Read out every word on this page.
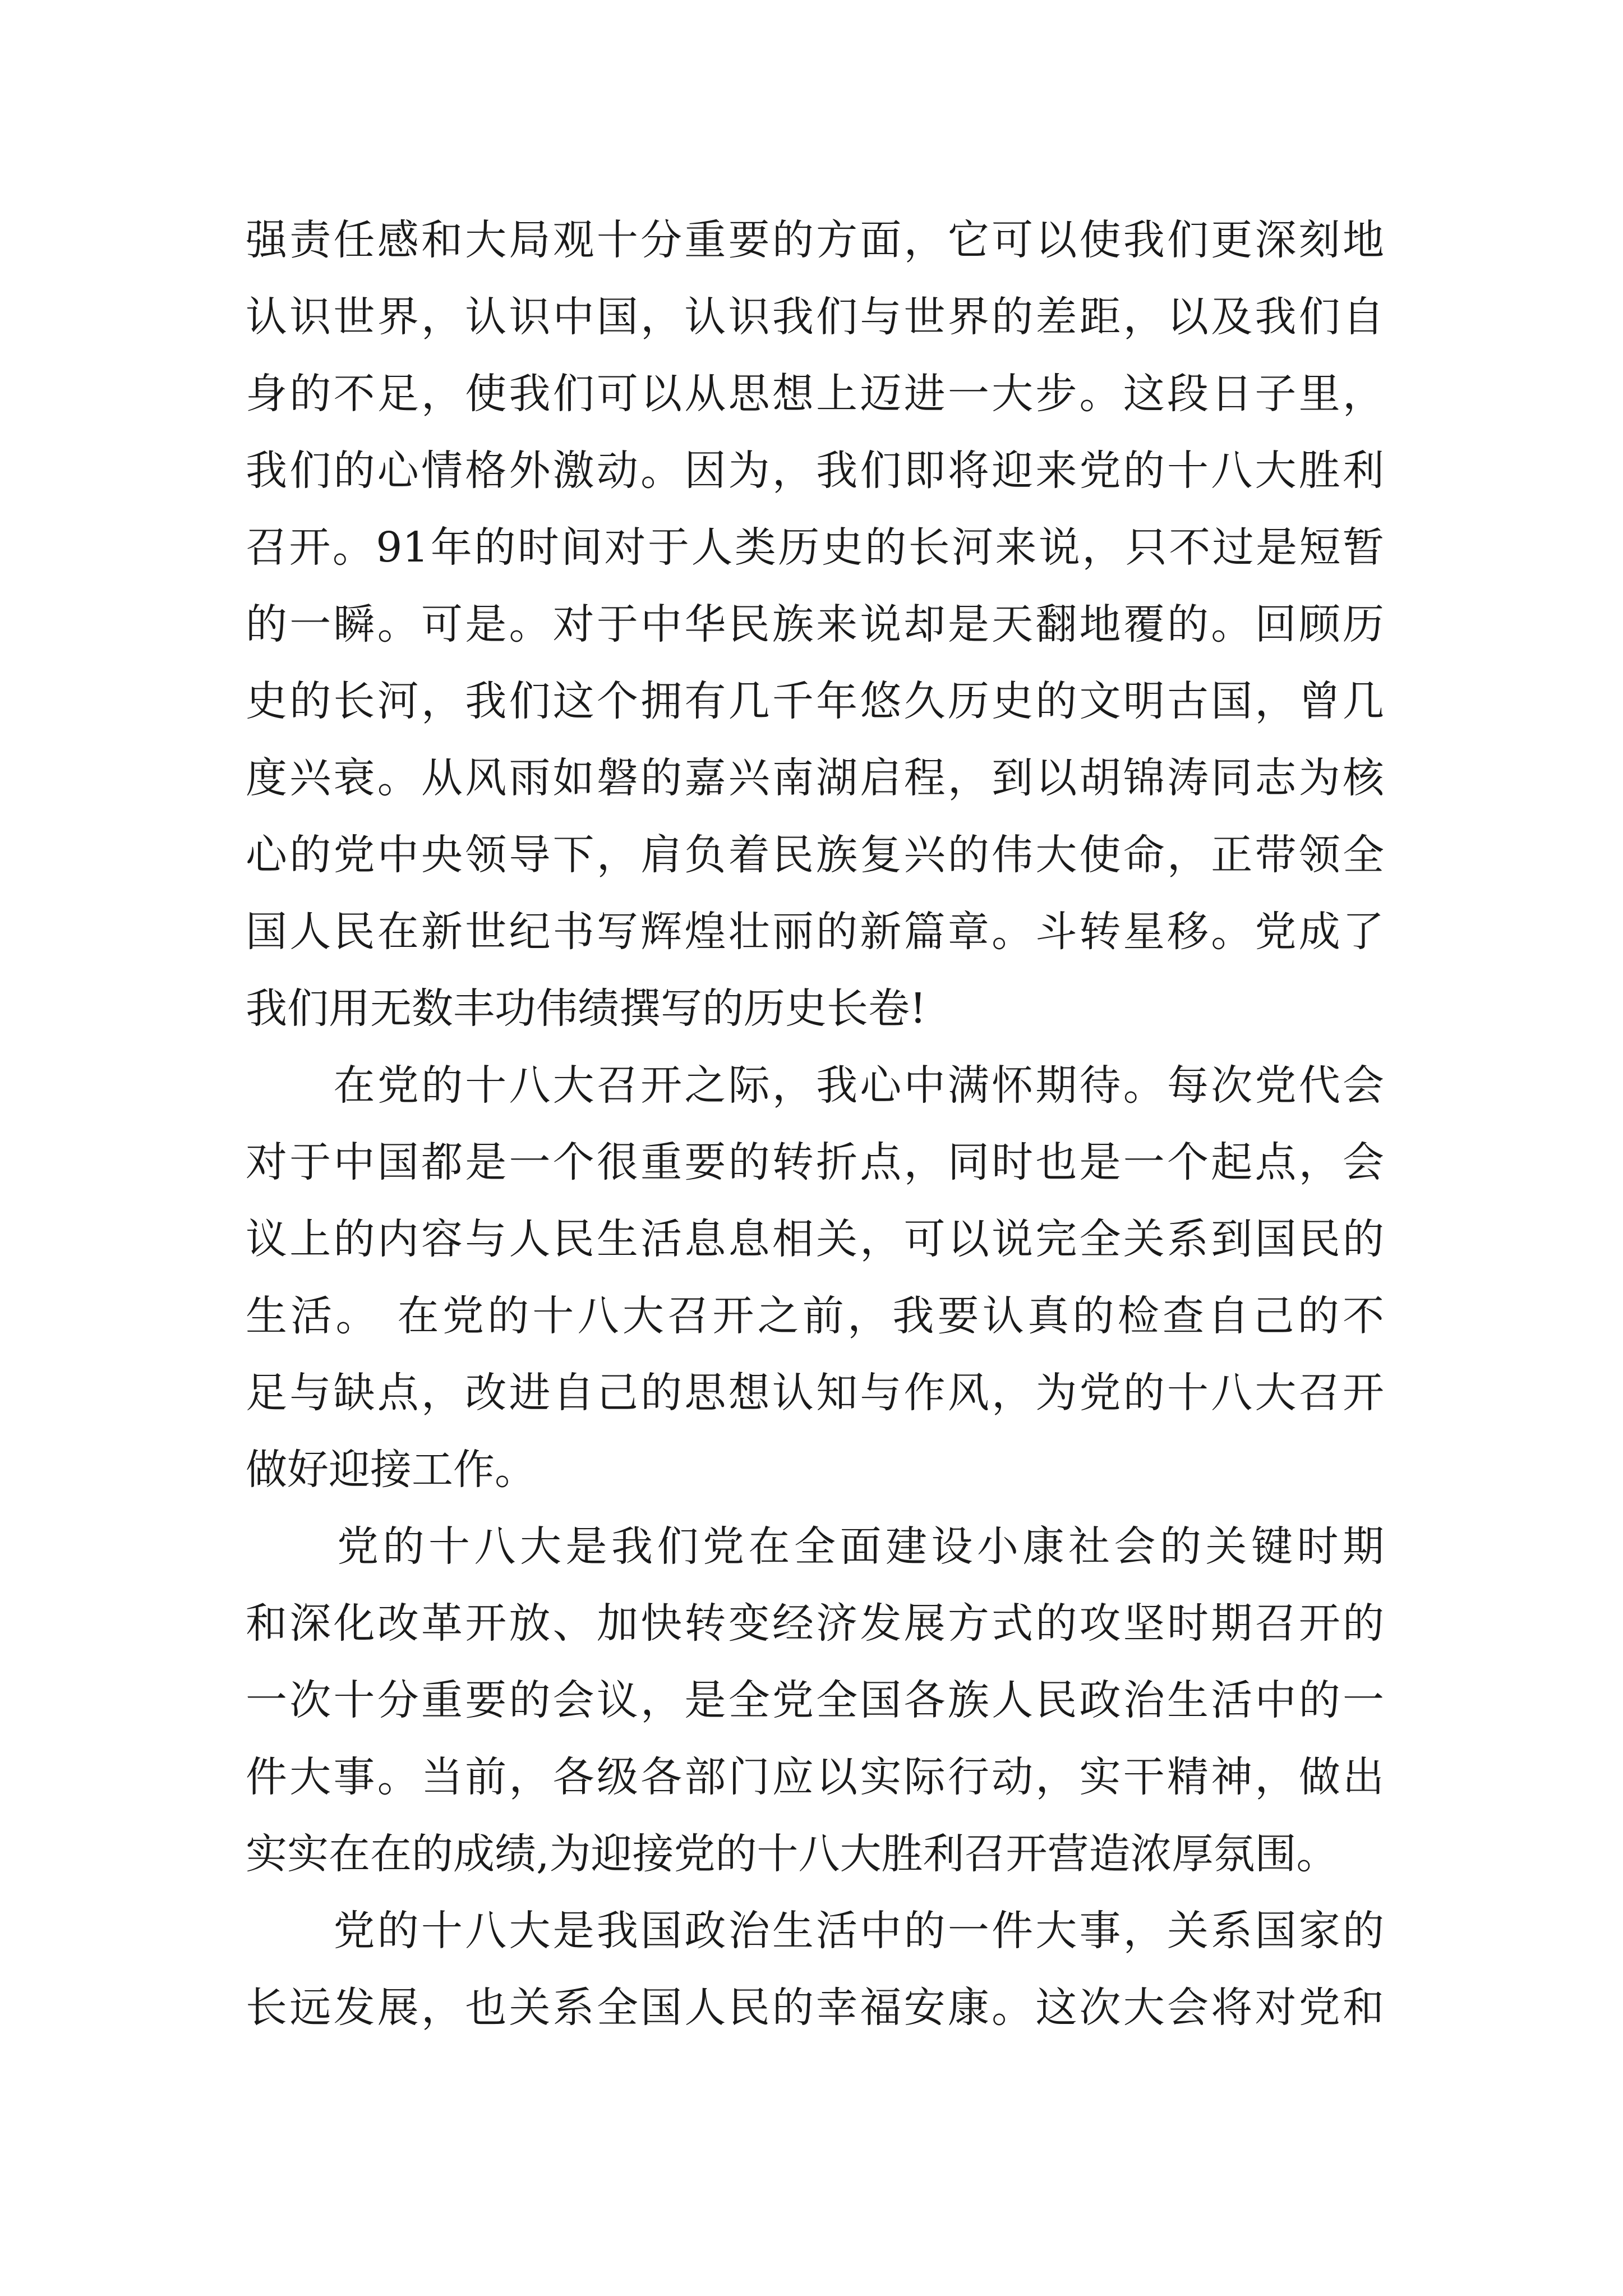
强责任感和大局观十分重要的方面，它可以使我们更深刻地
认识世界，认识中国，认识我们与世界的差距，以及我们自
身的不足，使我们可以从思想上迈进一大步。这段日子里，
我们的心情格外激动。因为，我们即将迎来党的十八大胜利
召开。91年的时间对于人类历史的长河来说，只不过是短暂
的一瞬。可是。对于中华民族来说却是天翻地覆的。回顾历
史的长河，我们这个拥有几千年悠久历史的文明古国，曾几
度兴衰。从风雨如磐的嘉兴南湖启程，到以胡锦涛同志为核
心的党中央领导下，肩负着民族复兴的伟大使命，正带领全
国人民在新世纪书写辉煌壮丽的新篇章。斗转星移。党成了
我们用无数丰功伟绩撰写的历史长卷!
　　在党的十八大召开之际，我心中满怀期待。每次党代会
对于中国都是一个很重要的转折点，同时也是一个起点，会
议上的内容与人民生活息息相关，可以说完全关系到国民的
生活。 在党的十八大召开之前，我要认真的检查自己的不
足与缺点，改进自己的思想认知与作风，为党的十八大召开
做好迎接工作。
　　党的十八大是我们党在全面建设小康社会的关键时期
和深化改革开放、加快转变经济发展方式的攻坚时期召开的
一次十分重要的会议，是全党全国各族人民政治生活中的一
件大事。当前，各级各部门应以实际行动，实干精神，做出
实实在在的成绩,为迎接党的十八大胜利召开营造浓厚氛围。
　　党的十八大是我国政治生活中的一件大事，关系国家的
长远发展，也关系全国人民的幸福安康。这次大会将对党和
